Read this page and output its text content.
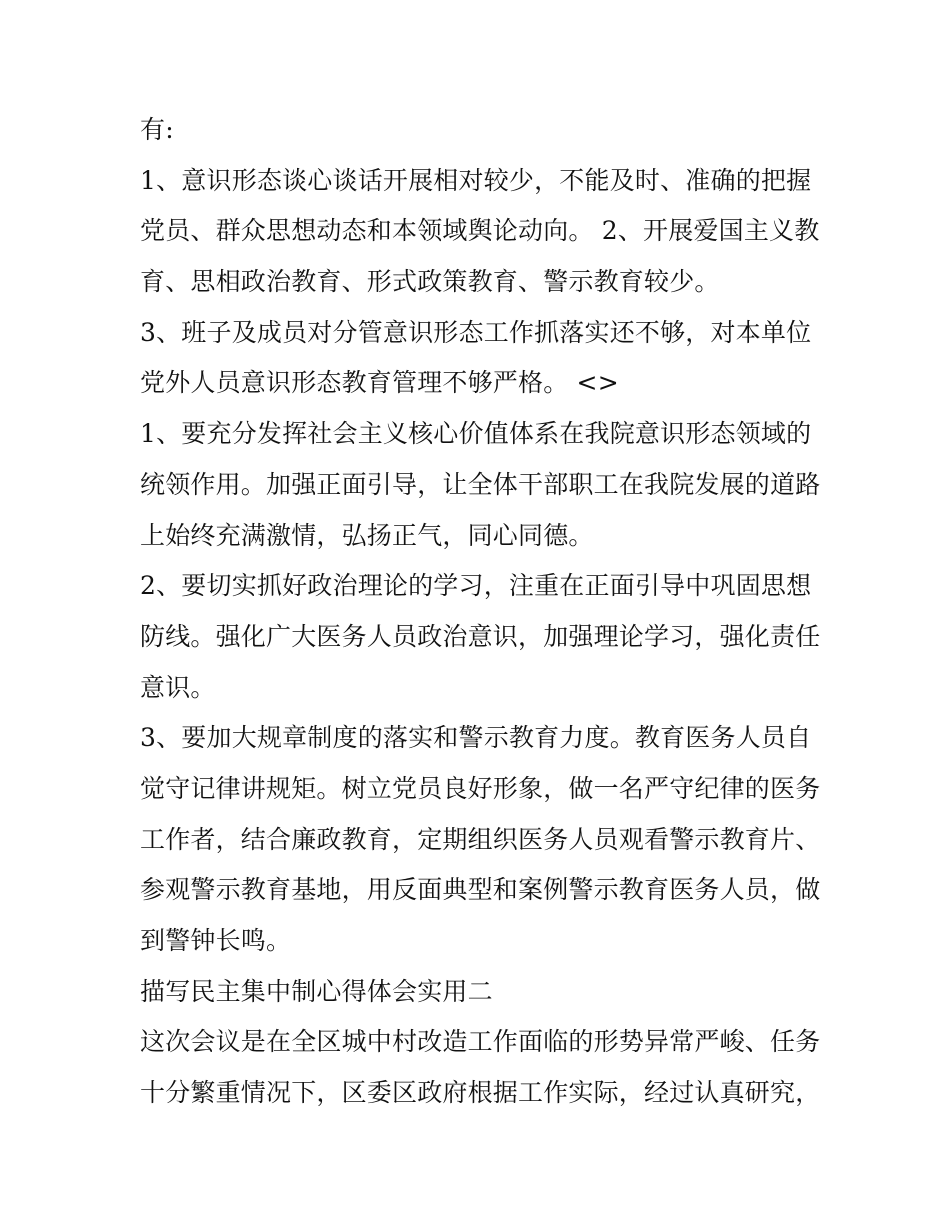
有:
1、意识形态谈心谈话开展相对较少，不能及时、准确的把握
党员、群众思想动态和本领域舆论动向。 2、开展爱国主义教
育、思相政治教育、形式政策教育、警示教育较少。
3、班子及成员对分管意识形态工作抓落实还不够，对本单位
党外人员意识形态教育管理不够严格。 <>
1、要充分发挥社会主义核心价值体系在我院意识形态领域的
统领作用。加强正面引导，让全体干部职工在我院发展的道路
上始终充满激情，弘扬正气，同心同德。
2、要切实抓好政治理论的学习，注重在正面引导中巩固思想
防线。强化广大医务人员政治意识，加强理论学习，强化责任
意识。
3、要加大规章制度的落实和警示教育力度。教育医务人员自
觉守记律讲规矩。树立党员良好形象，做一名严守纪律的医务
工作者，结合廉政教育，定期组织医务人员观看警示教育片、
参观警示教育基地，用反面典型和案例警示教育医务人员，做
到警钟长鸣。
描写民主集中制心得体会实用二
这次会议是在全区城中村改造工作面临的形势异常严峻、任务
十分繁重情况下，区委区政府根据工作实际，经过认真研究，
